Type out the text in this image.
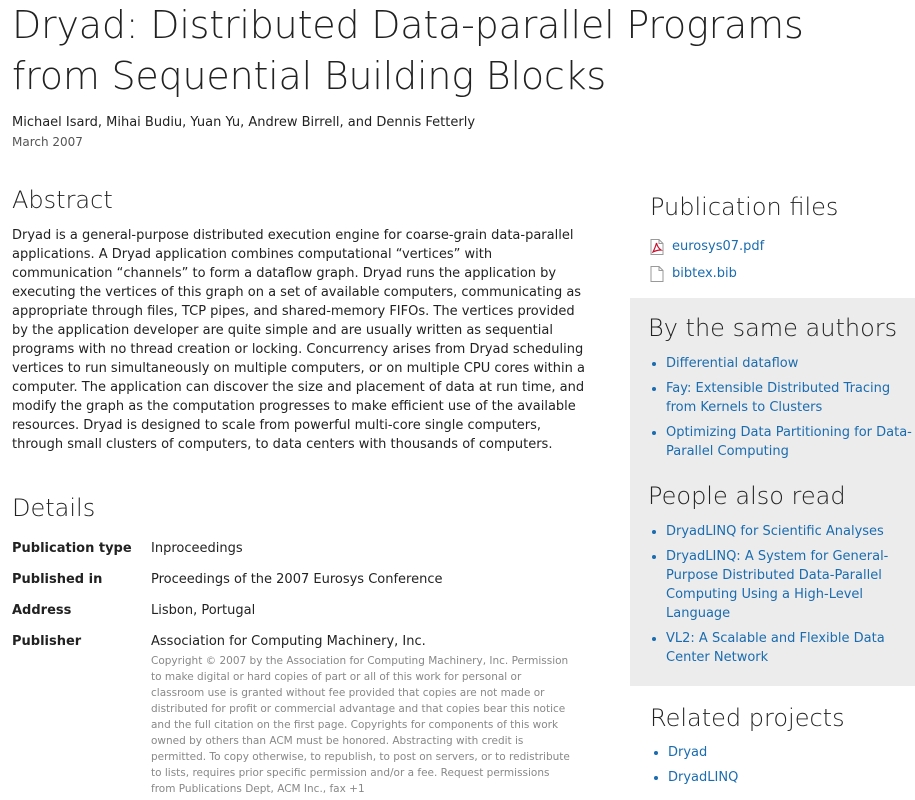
Dryad: Distributed Data-parallel Programs from Sequential Building Blocks
Michael Isard, Mihai Budiu, Yuan Yu, Andrew Birrell, and Dennis Fetterly
March 2007
Abstract

Dryad is a general-purpose distributed execution engine for coarse-grain data-parallel applications. A Dryad application combines computational “vertices” with communication “channels” to form a dataflow graph. Dryad runs the application by executing the vertices of this graph on a set of available computers, communicating as appropriate through files, TCP pipes, and shared-memory FIFOs. The vertices provided by the application developer are quite simple and are usually written as sequential programs with no thread creation or locking. Concurrency arises from Dryad scheduling vertices to run simultaneously on multiple computers, or on multiple CPU cores within a computer. The application can discover the size and placement of data at run time, and modify the graph as the computation progresses to make efficient use of the available resources. Dryad is designed to scale from powerful multi-core single computers, through small clusters of computers, to data centers with thousands of computers.

Details
Publication type	Inproceedings
Published in	Proceedings of the 2007 Eurosys Conference
Address	Lisbon, Portugal
Publisher	Association for Computing Machinery, Inc.
Copyright © 2007 by the Association for Computing Machinery, Inc. Permission to make digital or hard copies of part or all of this work for personal or classroom use is granted without fee provided that copies are not made or distributed for profit or commercial advantage and that copies bear this notice and the full citation on the first page. Copyrights for components of this work owned by others than ACM must be honored. Abstracting with credit is permitted. To copy otherwise, to republish, to post on servers, or to redistribute to lists, requires prior specific permission and/or a fee. Request permissions from Publications Dept, ACM Inc., fax +1
Publication files
eurosys07.pdf
bibtex.bib
By the same authors
• Differential dataflow
• Fay: Extensible Distributed Tracing from Kernels to Clusters
• Optimizing Data Partitioning for Data-Parallel Computing
People also read
• DryadLINQ for Scientific Analyses
• DryadLINQ: A System for General-Purpose Distributed Data-Parallel Computing Using a High-Level Language
• VL2: A Scalable and Flexible Data Center Network
Related projects
• Dryad
• DryadLINQ
